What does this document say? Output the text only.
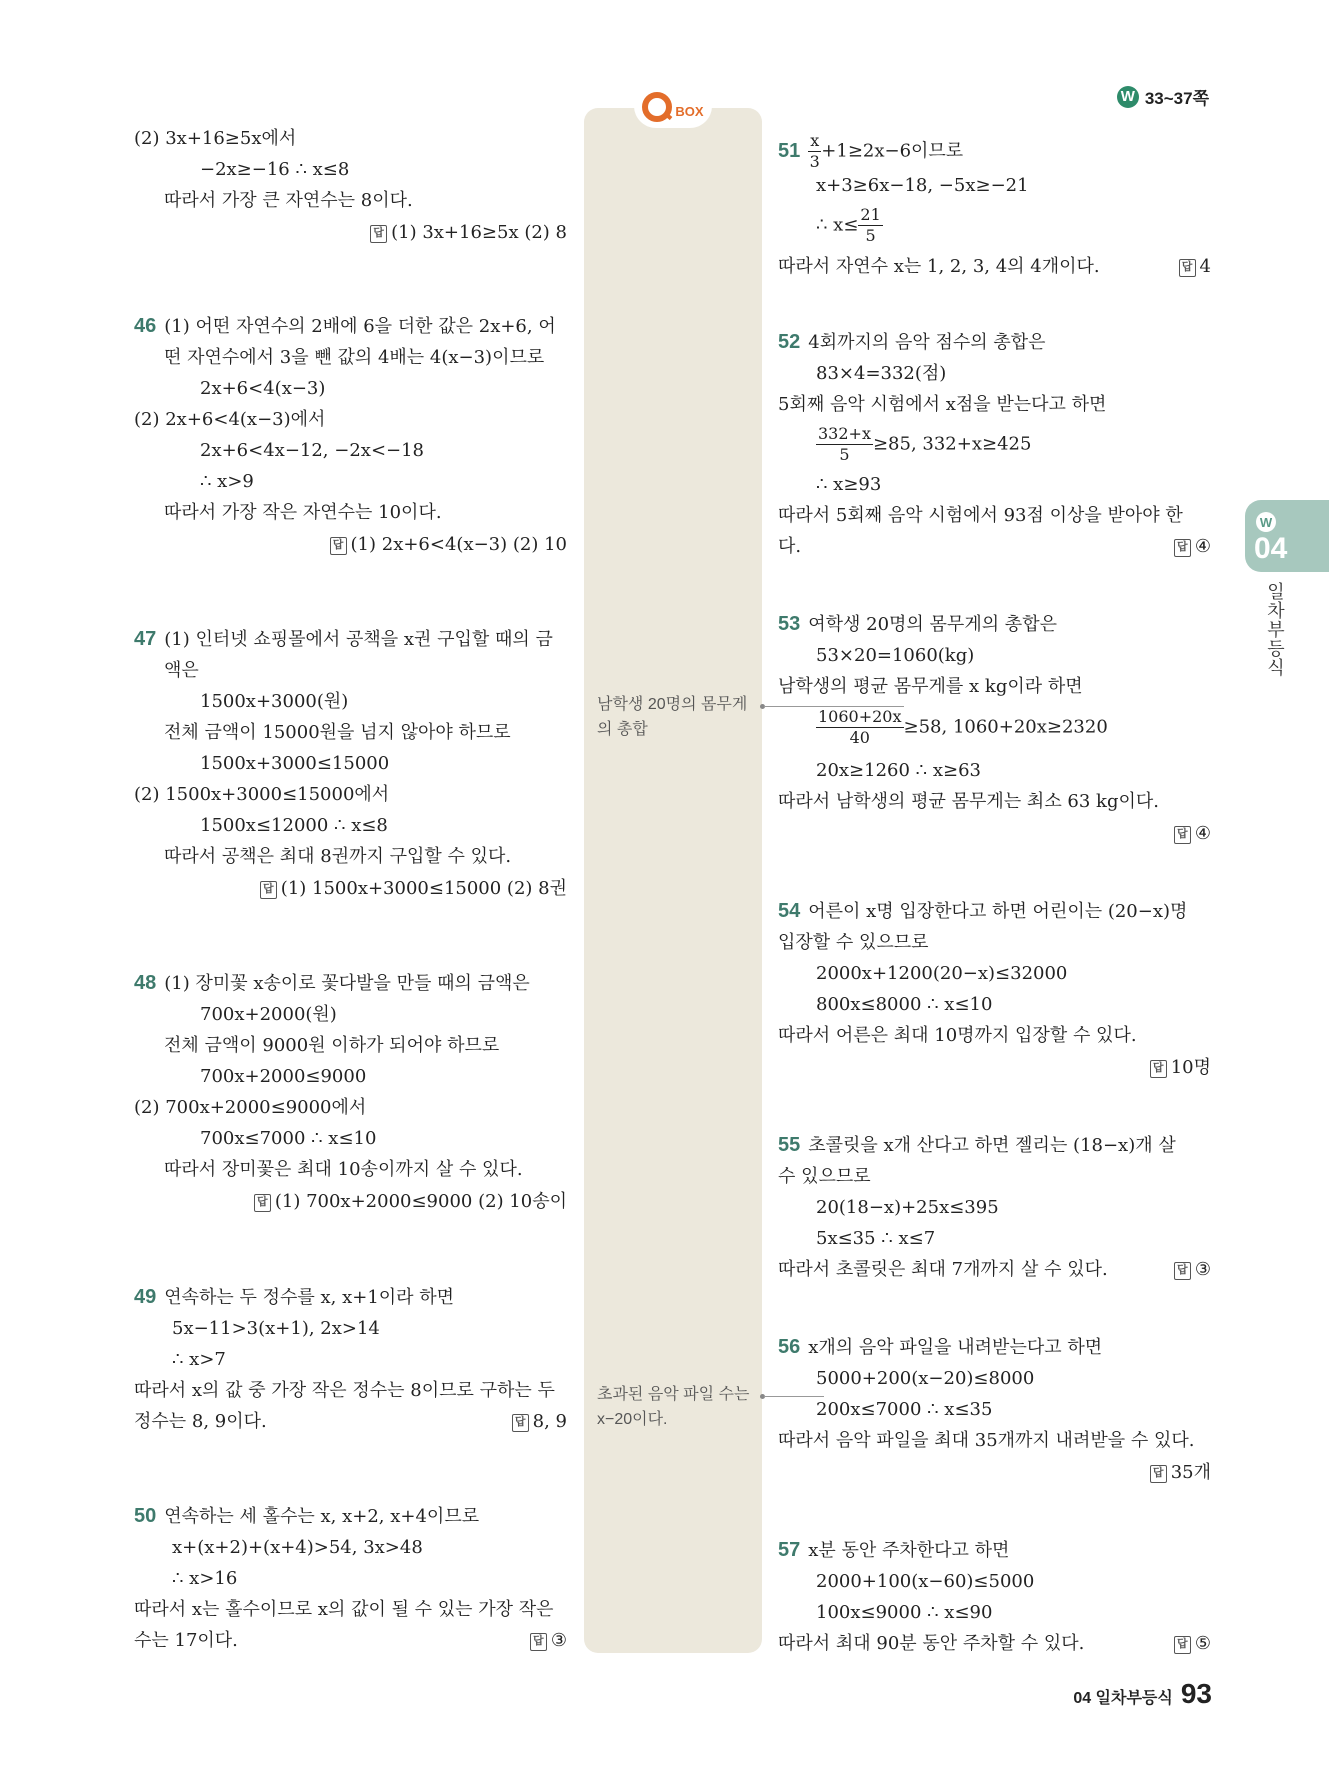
W 33~37쪽
BOX
남학생 20명의 몸무게의 총합
초과된 음악 파일 수는 x−20이다.
W
04
일차부등식
(2) 3x+16≥5x에서
−2x≥−16 ∴ x≤8
따라서 가장 큰 자연수는 8이다.
답 (1) 3x+16≥5x (2) 8
46 (1) 어떤 자연수의 2배에 6을 더한 값은 2x+6, 어
떤 자연수에서 3을 뺀 값의 4배는 4(x−3)이므로
2x+6<4(x−3)
(2) 2x+6<4(x−3)에서
2x+6<4x−12, −2x<−18
∴ x>9
따라서 가장 작은 자연수는 10이다.
답 (1) 2x+6<4(x−3) (2) 10
47 (1) 인터넷 쇼핑몰에서 공책을 x권 구입할 때의 금
액은
1500x+3000(원)
전체 금액이 15000원을 넘지 않아야 하므로
1500x+3000≤15000
(2) 1500x+3000≤15000에서
1500x≤12000 ∴ x≤8
따라서 공책은 최대 8권까지 구입할 수 있다.
답 (1) 1500x+3000≤15000 (2) 8권
48 (1) 장미꽃 x송이로 꽃다발을 만들 때의 금액은
700x+2000(원)
전체 금액이 9000원 이하가 되어야 하므로
700x+2000≤9000
(2) 700x+2000≤9000에서
700x≤7000 ∴ x≤10
따라서 장미꽃은 최대 10송이까지 살 수 있다.
답 (1) 700x+2000≤9000 (2) 10송이
49 연속하는 두 정수를 x, x+1이라 하면
5x−11>3(x+1), 2x>14
∴ x>7
따라서 x의 값 중 가장 작은 정수는 8이므로 구하는 두
정수는 8, 9이다.	답 8, 9
50 연속하는 세 홀수는 x, x+2, x+4이므로
x+(x+2)+(x+4)>54, 3x>48
∴ x>16
따라서 x는 홀수이므로 x의 값이 될 수 있는 가장 작은
수는 17이다.	답 ③
$51 \frac{x}{3} +1\ge 2x-6$이므로
x+3≥6x−18, −5x≥−21
∴ $x\le \frac{21}{5}$
따라서 자연수 x는 1, 2, 3, 4의 4개이다.	답 4
52 4회까지의 음악 점수의 총합은
83×4=332(점)
5회째 음악 시험에서 x점을 받는다고 하면
$\frac{332+x}{5} \ge 85$, 332+x≥425
∴ x≥93
따라서 5회째 음악 시험에서 93점 이상을 받아야 한
다.	답 ④
53 여학생 20명의 몸무게의 총합은
53×20=1060(kg)
남학생의 평균 몸무게를 x kg이라 하면
$\frac{1060+20x}{40} \ge 58$, 1060+20x≥2320
20x≥1260 ∴ x≥63
따라서 남학생의 평균 몸무게는 최소 63 kg이다.
답 ④
54 어른이 x명 입장한다고 하면 어린이는 (20−x)명
입장할 수 있으므로
2000x+1200(20−x)≤32000
800x≤8000 ∴ x≤10
따라서 어른은 최대 10명까지 입장할 수 있다.
답 10명
55 초콜릿을 x개 산다고 하면 젤리는 (18−x)개 살
수 있으므로
20(18−x)+25x≤395
5x≤35 ∴ x≤7
따라서 초콜릿은 최대 7개까지 살 수 있다.	답 ③
56 x개의 음악 파일을 내려받는다고 하면
5000+200(x−20)≤8000
200x≤7000 ∴ x≤35
따라서 음악 파일을 최대 35개까지 내려받을 수 있다.
답 35개
57 x분 동안 주차한다고 하면
2000+100(x−60)≤5000
100x≤9000 ∴ x≤90
따라서 최대 90분 동안 주차할 수 있다.	답 ⑤
04 일차부등식 93
